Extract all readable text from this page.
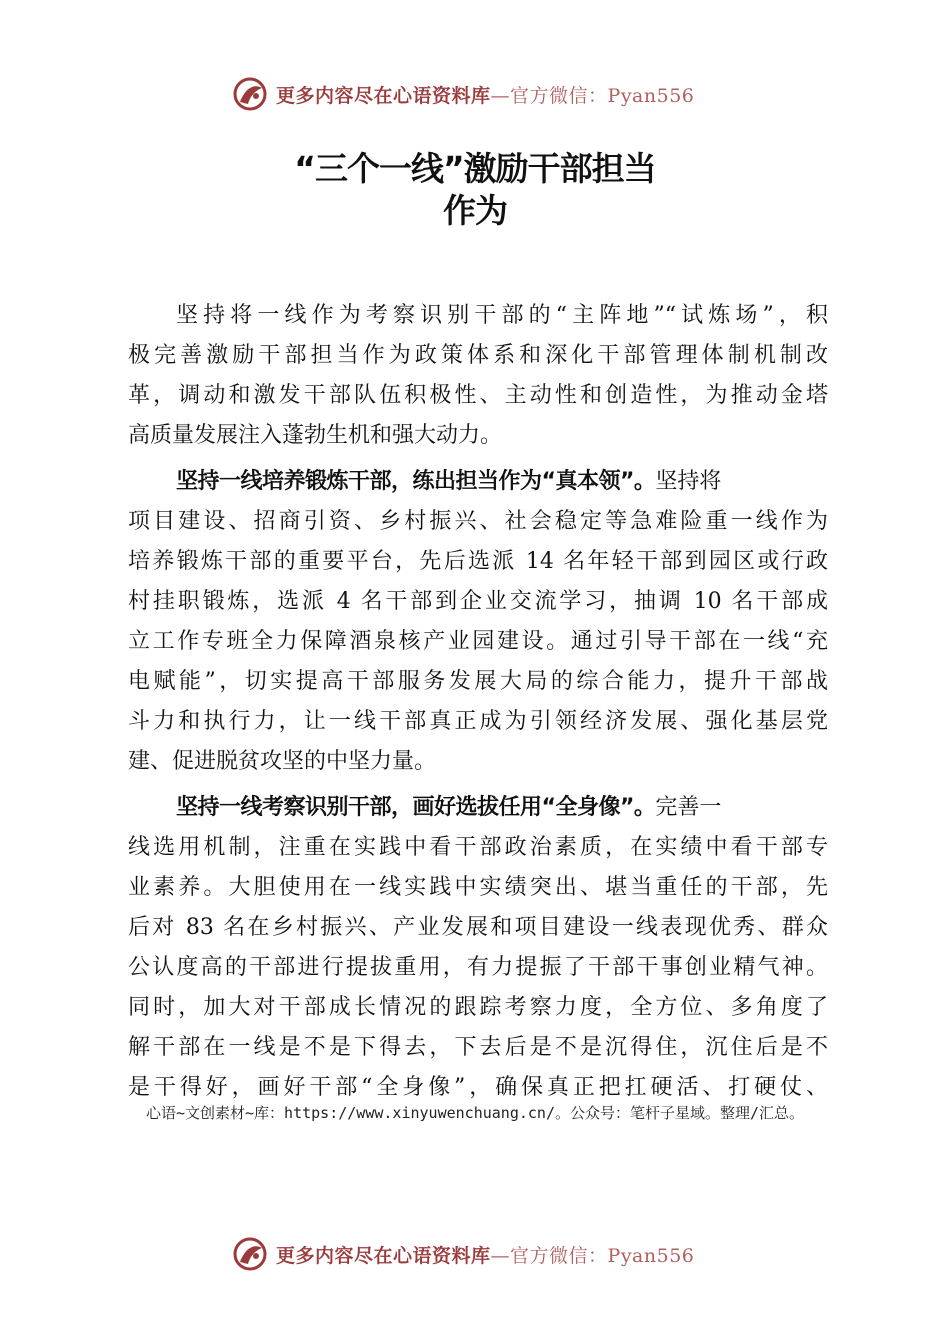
更多内容尽在心语资料库—官方微信：Pyan556
“三个一线”激励干部担当
作为
坚持将一线作为考察识别干部的“主阵地”“试炼场”，积
极完善激励干部担当作为政策体系和深化干部管理体制机制改
革，调动和激发干部队伍积极性、主动性和创造性，为推动金塔
高质量发展注入蓬勃生机和强大动力。
坚持一线培养锻炼干部，练出担当作为“真本领”。坚持将
项目建设、招商引资、乡村振兴、社会稳定等急难险重一线作为
培养锻炼干部的重要平台，先后选派 14 名年轻干部到园区或行政
村挂职锻炼，选派 4 名干部到企业交流学习，抽调 10 名干部成
立工作专班全力保障酒泉核产业园建设。通过引导干部在一线“充
电赋能”，切实提高干部服务发展大局的综合能力，提升干部战
斗力和执行力，让一线干部真正成为引领经济发展、强化基层党
建、促进脱贫攻坚的中坚力量。
坚持一线考察识别干部，画好选拔任用“全身像”。完善一
线选用机制，注重在实践中看干部政治素质，在实绩中看干部专
业素养。大胆使用在一线实践中实绩突出、堪当重任的干部，先
后对 83 名在乡村振兴、产业发展和项目建设一线表现优秀、群众
公认度高的干部进行提拔重用，有力提振了干部干事创业精气神。
同时，加大对干部成长情况的跟踪考察力度，全方位、多角度了
解干部在一线是不是下得去，下去后是不是沉得住，沉住后是不
是干得好，画好干部“全身像”，确保真正把扛硬活、打硬仗、
心语~文创素材~库：https://www.xinyuwenchuang.cn/。公众号：笔杆子星域。整理/汇总。
更多内容尽在心语资料库—官方微信：Pyan556
